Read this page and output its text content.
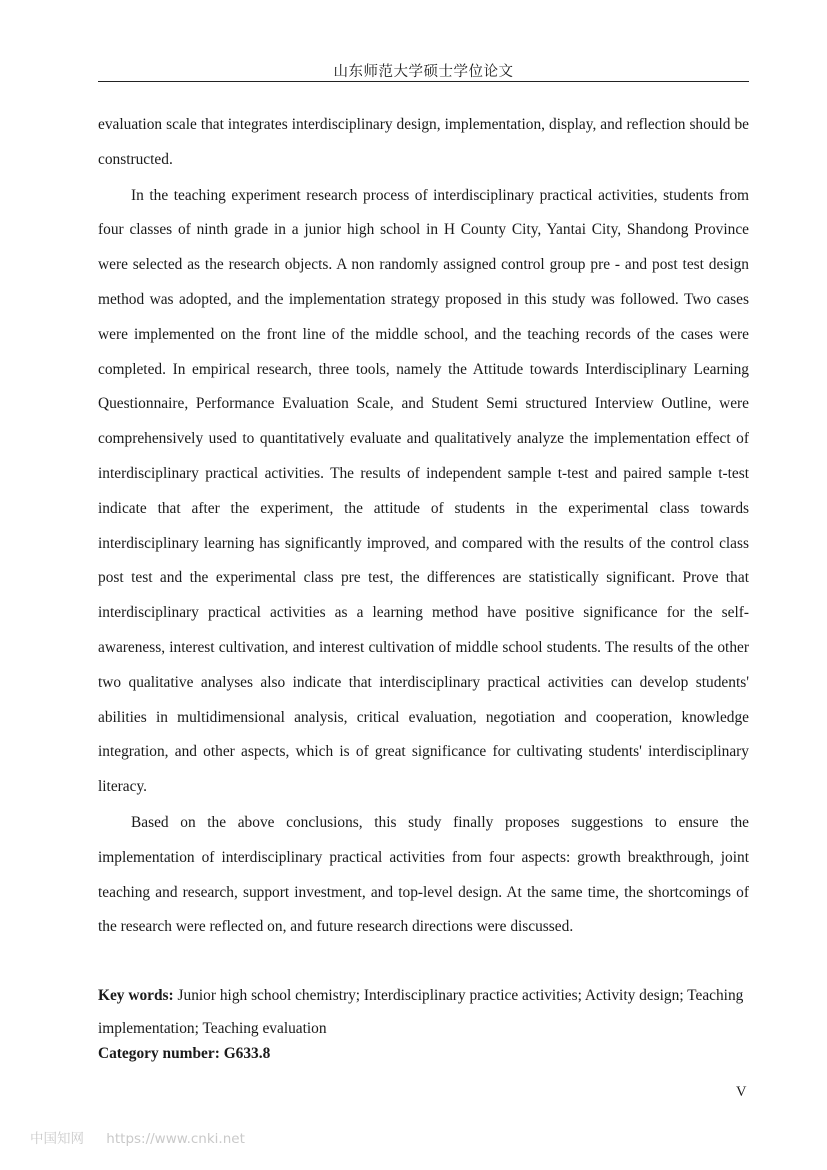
山东师范大学硕士学位论文

evaluation scale that integrates interdisciplinary design, implementation, display, and reflection should be constructed.

In the teaching experiment research process of interdisciplinary practical activities, students from four classes of ninth grade in a junior high school in H County City, Yantai City, Shandong Province were selected as the research objects. A non randomly assigned control group pre - and post test design method was adopted, and the implementation strategy proposed in this study was followed. Two cases were implemented on the front line of the middle school, and the teaching records of the cases were completed. In empirical research, three tools, namely the Attitude towards Interdisciplinary Learning Questionnaire, Performance Evaluation Scale, and Student Semi structured Interview Outline, were comprehensively used to quantitatively evaluate and qualitatively analyze the implementation effect of interdisciplinary practical activities. The results of independent sample t-test and paired sample t-test indicate that after the experiment, the attitude of students in the experimental class towards interdisciplinary learning has significantly improved, and compared with the results of the control class post test and the experimental class pre test, the differences are statistically significant. Prove that interdisciplinary practical activities as a learning method have positive significance for the self-awareness, interest cultivation, and interest cultivation of middle school students. The results of the other two qualitative analyses also indicate that interdisciplinary practical activities can develop students' abilities in multidimensional analysis, critical evaluation, negotiation and cooperation, knowledge integration, and other aspects, which is of great significance for cultivating students' interdisciplinary literacy.

Based on the above conclusions, this study finally proposes suggestions to ensure the implementation of interdisciplinary practical activities from four aspects: growth breakthrough, joint teaching and research, support investment, and top-level design. At the same time, the shortcomings of the research were reflected on, and future research directions were discussed.

Key words: Junior high school chemistry; Interdisciplinary practice activities; Activity design; Teaching implementation; Teaching evaluation
Category number: G633.8
V
中国知网 https://www.cnki.net
